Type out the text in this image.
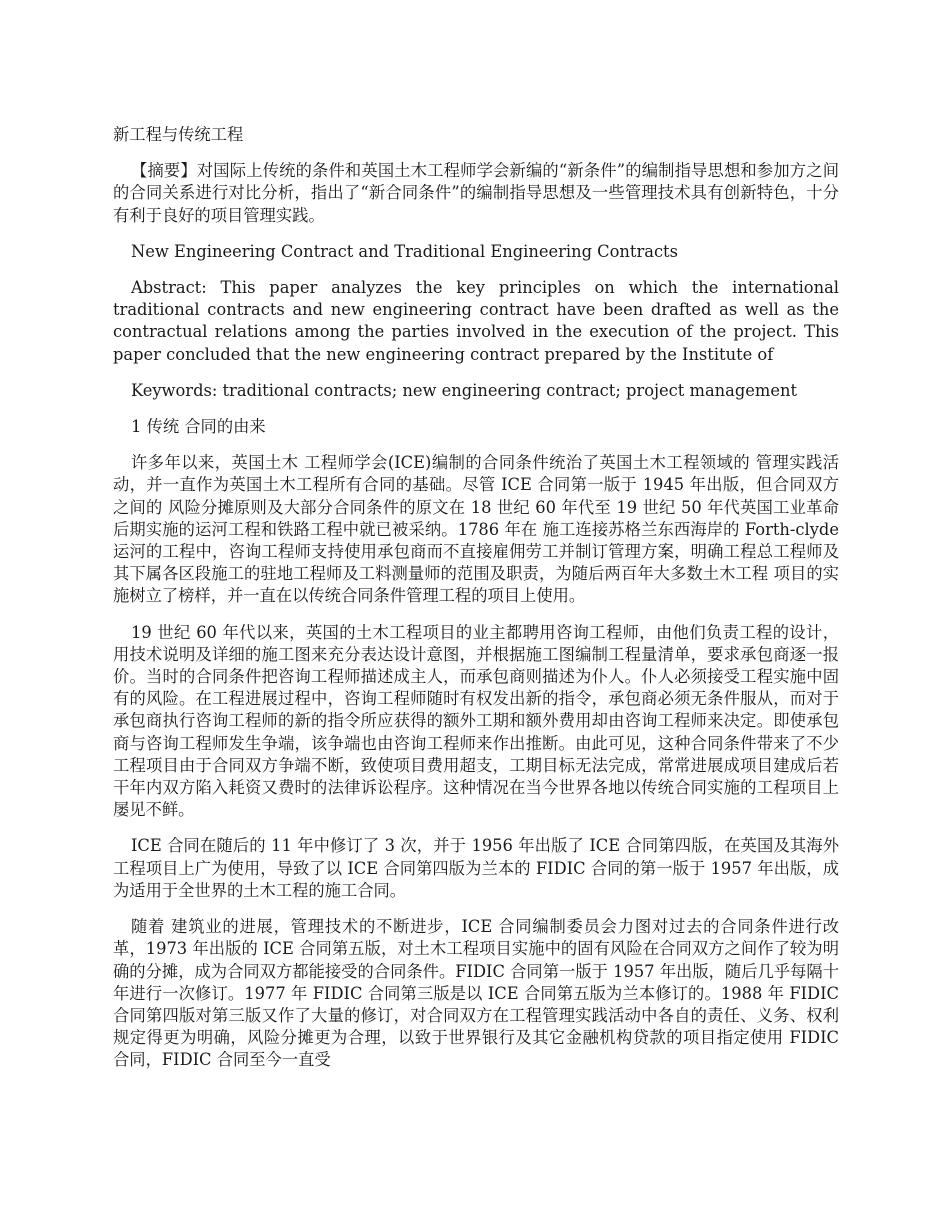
新工程与传统工程

【摘要】对国际上传统的条件和英国土木工程师学会新编的“新条件”的编制指导思想和参加方之间的合同关系进行对比分析，指出了“新合同条件”的编制指导思想及一些管理技术具有创新特色，十分有利于良好的项目管理实践。

New Engineering Contract and Traditional Engineering Contracts

Abstract: This paper analyzes the key principles on which the international traditional contracts and new engineering contract have been drafted as well as the contractual relations among the parties involved in the execution of the project. This paper concluded that the new engineering contract prepared by the Institute of

Keywords: traditional contracts; new engineering contract; project management

1 传统 合同的由来

许多年以来，英国土木 工程师学会(ICE)编制的合同条件统治了英国土木工程领域的 管理实践活动，并一直作为英国土木工程所有合同的基础。尽管 ICE 合同第一版于 1945 年出版，但合同双方之间的 风险分摊原则及大部分合同条件的原文在 18 世纪 60 年代至 19 世纪 50 年代英国工业革命后期实施的运河工程和铁路工程中就已被采纳。1786 年在 施工连接苏格兰东西海岸的 Forth-clyde 运河的工程中，咨询工程师支持使用承包商而不直接雇佣劳工并制订管理方案，明确工程总工程师及其下属各区段施工的驻地工程师及工料测量师的范围及职责，为随后两百年大多数土木工程 项目的实施树立了榜样，并一直在以传统合同条件管理工程的项目上使用。

19 世纪 60 年代以来，英国的土木工程项目的业主都聘用咨询工程师，由他们负责工程的设计，用技术说明及详细的施工图来充分表达设计意图，并根据施工图编制工程量清单，要求承包商逐一报价。当时的合同条件把咨询工程师描述成主人，而承包商则描述为仆人。仆人必须接受工程实施中固有的风险。在工程进展过程中，咨询工程师随时有权发出新的指令，承包商必须无条件服从，而对于承包商执行咨询工程师的新的指令所应获得的额外工期和额外费用却由咨询工程师来决定。即使承包商与咨询工程师发生争端，该争端也由咨询工程师来作出推断。由此可见，这种合同条件带来了不少工程项目由于合同双方争端不断，致使项目费用超支，工期目标无法完成，常常进展成项目建成后若干年内双方陷入耗资又费时的法律诉讼程序。这种情况在当今世界各地以传统合同实施的工程项目上屡见不鲜。

ICE 合同在随后的 11 年中修订了 3 次，并于 1956 年出版了 ICE 合同第四版，在英国及其海外工程项目上广为使用，导致了以 ICE 合同第四版为兰本的 FIDIC 合同的第一版于 1957 年出版，成为适用于全世界的土木工程的施工合同。

随着 建筑业的进展，管理技术的不断进步，ICE 合同编制委员会力图对过去的合同条件进行改革，1973 年出版的 ICE 合同第五版，对土木工程项目实施中的固有风险在合同双方之间作了较为明确的分摊，成为合同双方都能接受的合同条件。FIDIC 合同第一版于 1957 年出版，随后几乎每隔十年进行一次修订。1977 年 FIDIC 合同第三版是以 ICE 合同第五版为兰本修订的。1988 年 FIDIC 合同第四版对第三版又作了大量的修订，对合同双方在工程管理实践活动中各自的责任、义务、权利规定得更为明确，风险分摊更为合理，以致于世界银行及其它金融机构贷款的项目指定使用 FIDIC 合同，FIDIC 合同至今一直受
